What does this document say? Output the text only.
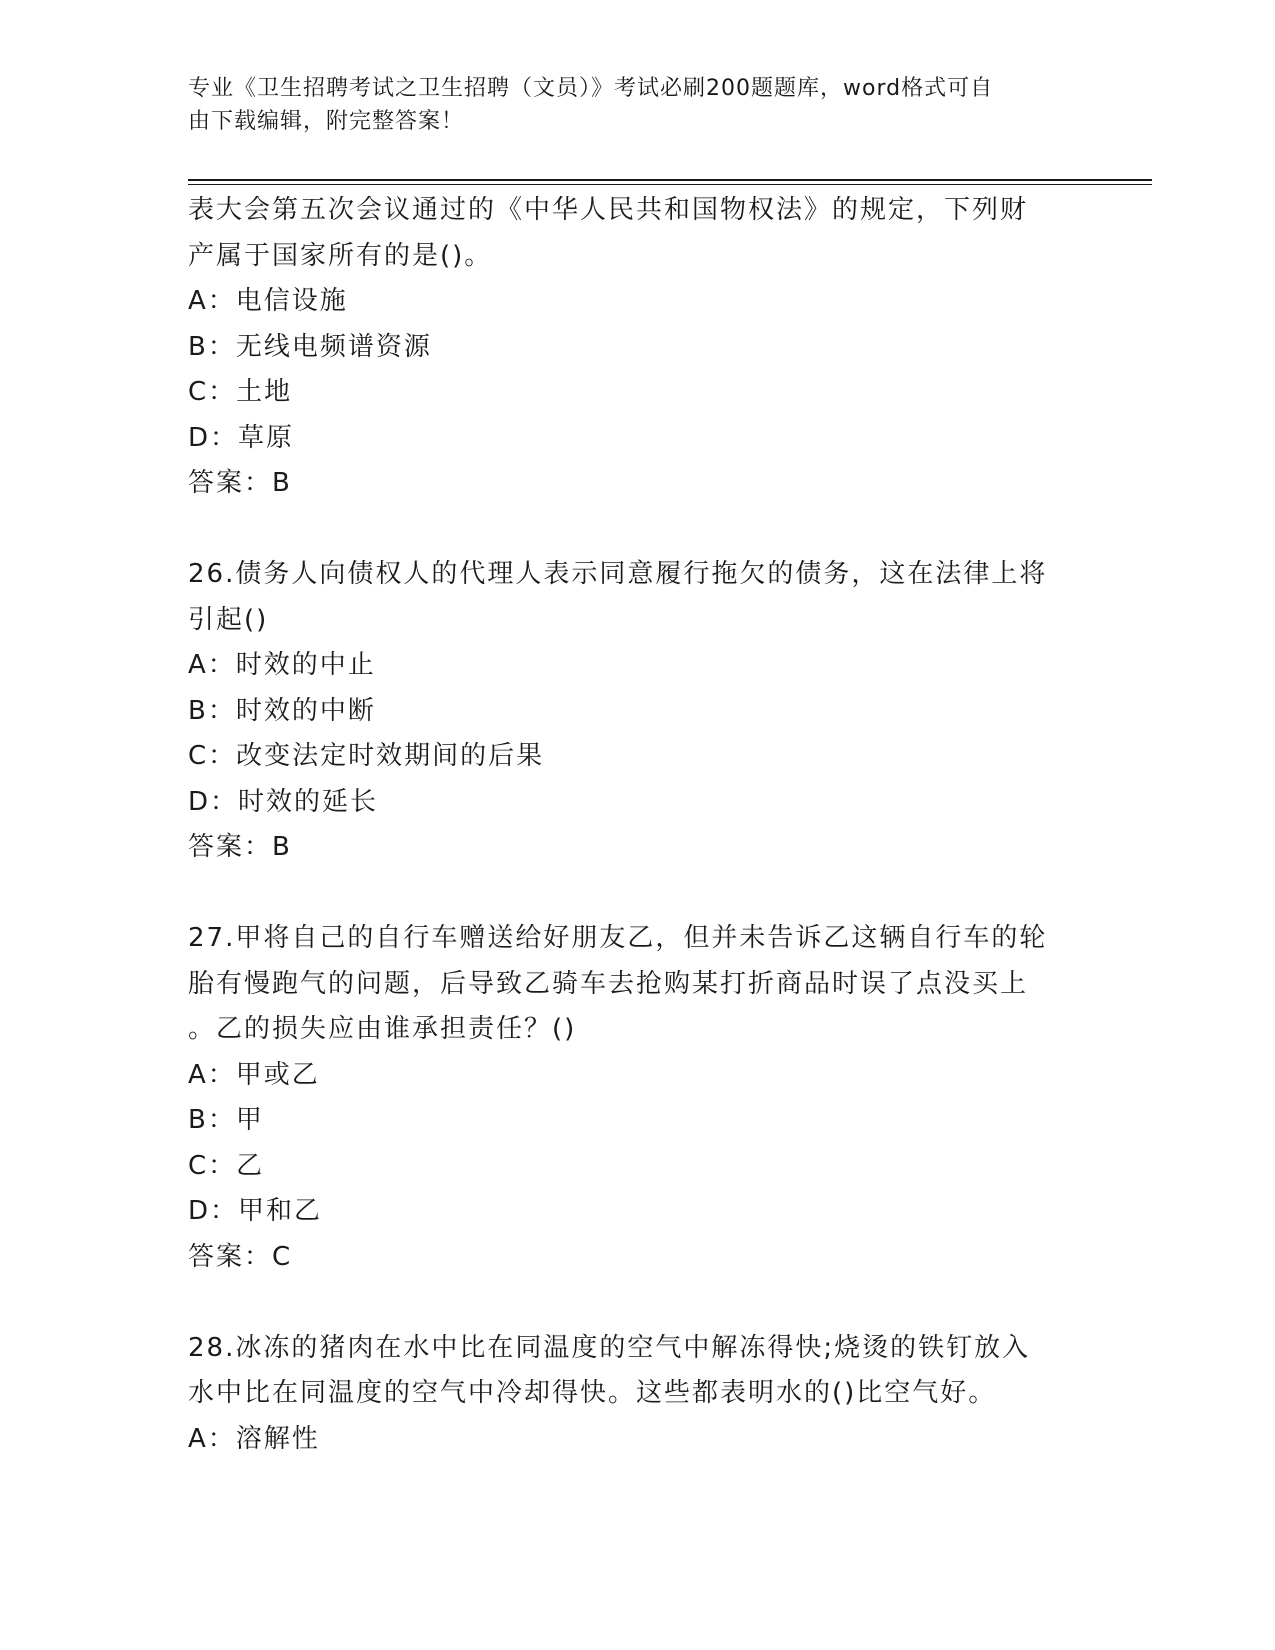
专业《卫生招聘考试之卫生招聘（文员）》考试必刷200题题库，word格式可自
由下载编辑，附完整答案！
表大会第五次会议通过的《中华人民共和国物权法》的规定，下列财
产属于国家所有的是()。
A：电信设施
B：无线电频谱资源
C：土地
D：草原
答案：B
26.债务人向债权人的代理人表示同意履行拖欠的债务，这在法律上将
引起()
A：时效的中止
B：时效的中断
C：改变法定时效期间的后果
D：时效的延长
答案：B
27.甲将自己的自行车赠送给好朋友乙，但并未告诉乙这辆自行车的轮
胎有慢跑气的问题，后导致乙骑车去抢购某打折商品时误了点没买上
。乙的损失应由谁承担责任？()
A：甲或乙
B：甲
C：乙
D：甲和乙
答案：C
28.冰冻的猪肉在水中比在同温度的空气中解冻得快;烧烫的铁钉放入
水中比在同温度的空气中冷却得快。这些都表明水的()比空气好。
A：溶解性
